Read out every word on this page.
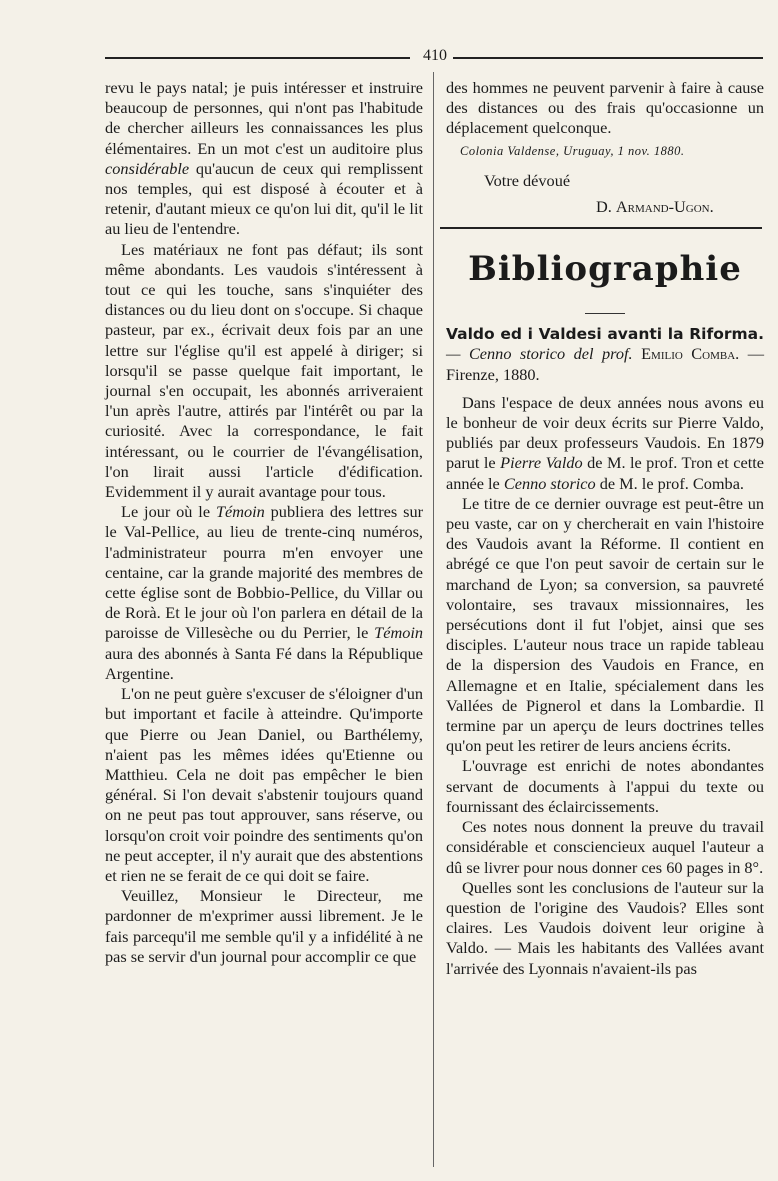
410

revu le pays natal; je puis intéresser et instruire beaucoup de personnes, qui n'ont pas l'habitude de chercher ailleurs les connaissances les plus élémentaires. En un mot c'est un auditoire plus considérable qu'aucun de ceux qui remplissent nos temples, qui est disposé à écouter et à retenir, d'autant mieux ce qu'on lui dit, qu'il le lit au lieu de l'entendre.

Les matériaux ne font pas défaut; ils sont même abondants. Les vaudois s'intéressent à tout ce qui les touche, sans s'inquiéter des distances ou du lieu dont on s'occupe. Si chaque pasteur, par ex., écrivait deux fois par an une lettre sur l'église qu'il est appelé à diriger; si lorsqu'il se passe quelque fait important, le journal s'en occupait, les abonnés arriveraient l'un après l'autre, attirés par l'intérêt ou par la curiosité. Avec la correspondance, le fait intéressant, ou le courrier de l'évangélisation, l'on lirait aussi l'article d'édification. Evidemment il y aurait avantage pour tous.

Le jour où le Témoin publiera des lettres sur le Val-Pellice, au lieu de trente-cinq numéros, l'administrateur pourra m'en envoyer une centaine, car la grande majorité des membres de cette église sont de Bobbio-Pellice, du Villar ou de Rorà. Et le jour où l'on parlera en détail de la paroisse de Villesèche ou du Perrier, le Témoin aura des abonnés à Santa Fé dans la République Argentine.

L'on ne peut guère s'excuser de s'éloigner d'un but important et facile à atteindre. Qu'importe que Pierre ou Jean Daniel, ou Barthélemy, n'aient pas les mêmes idées qu'Etienne ou Matthieu. Cela ne doit pas empêcher le bien général. Si l'on devait s'abstenir toujours quand on ne peut pas tout approuver, sans réserve, ou lorsqu'on croit voir poindre des sentiments qu'on ne peut accepter, il n'y aurait que des abstentions et rien ne se ferait de ce qui doit se faire.

Veuillez, Monsieur le Directeur, me pardonner de m'exprimer aussi librement. Je le fais parcequ'il me semble qu'il y a infidélité à ne pas se servir d'un journal pour accomplir ce que

des hommes ne peuvent parvenir à faire à cause des distances ou des frais qu'occasionne un déplacement quelconque.

Colonia Valdense, Uruguay, 1 nov. 1880.
Votre dévoué
D. Armand-Ugon.
Bibliographie

Valdo ed i Valdesi avanti la Riforma. — Cenno storico del prof. Emilio Comba. — Firenze, 1880.

Dans l'espace de deux années nous avons eu le bonheur de voir deux écrits sur Pierre Valdo, publiés par deux professeurs Vaudois. En 1879 parut le Pierre Valdo de M. le prof. Tron et cette année le Cenno storico de M. le prof. Comba.

Le titre de ce dernier ouvrage est peut-être un peu vaste, car on y chercherait en vain l'histoire des Vaudois avant la Réforme. Il contient en abrégé ce que l'on peut savoir de certain sur le marchand de Lyon; sa conversion, sa pauvreté volontaire, ses travaux missionnaires, les persécutions dont il fut l'objet, ainsi que ses disciples. L'auteur nous trace un rapide tableau de la dispersion des Vaudois en France, en Allemagne et en Italie, spécialement dans les Vallées de Pignerol et dans la Lombardie. Il termine par un aperçu de leurs doctrines telles qu'on peut les retirer de leurs anciens écrits.

L'ouvrage est enrichi de notes abondantes servant de documents à l'appui du texte ou fournissant des éclaircissements.

Ces notes nous donnent la preuve du travail considérable et consciencieux auquel l'auteur a dû se livrer pour nous donner ces 60 pages in 8°.

Quelles sont les conclusions de l'auteur sur la question de l'origine des Vaudois? Elles sont claires. Les Vaudois doivent leur origine à Valdo. — Mais les habitants des Vallées avant l'arrivée des Lyonnais n'avaient-ils pas
